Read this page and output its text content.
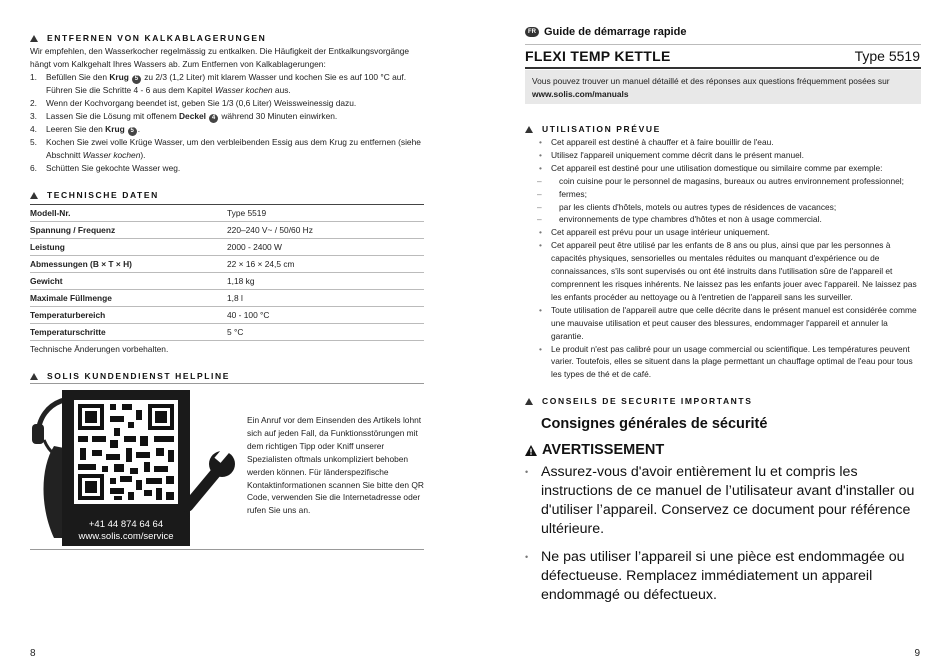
ENTFERNEN VON KALKABLAGERUNGEN
Wir empfehlen, den Wasserkocher regelmässig zu entkalken. Die Häufigkeit der Entkalkungsvorgänge hängt vom Kalkgehalt Ihres Wassers ab. Zum Entfernen von Kalkablagerungen:
1.	Befüllen Sie den Krug 5 zu 2/3 (1,2 Liter) mit klarem Wasser und kochen Sie es auf 100 °C auf. Führen Sie die Schritte 4 - 6 aus dem Kapitel Wasser kochen aus.
2.	Wenn der Kochvorgang beendet ist, geben Sie 1/3 (0,6 Liter) Weissweinessig dazu.
3.	Lassen Sie die Lösung mit offenem Deckel 4 während 30 Minuten einwirken.
4.	Leeren Sie den Krug 5 .
5.	Kochen Sie zwei volle Krüge Wasser, um den verbleibenden Essig aus dem Krug zu entfernen (siehe Abschnitt Wasser kochen).
6.	Schütten Sie gekochte Wasser weg.
TECHNISCHE DATEN
Modell-Nr.	Type 5519
Spannung / Frequenz	220–240 V~ / 50/60 Hz
Leistung	2000 - 2400 W
Abmessungen (B × T × H)	22 × 16 × 24,5 cm
Gewicht	1,18 kg
Maximale Füllmenge	1,8 l
Temperaturbereich	40 - 100 °C
Temperaturschritte	5 °C
Technische Änderungen vorbehalten.
SOLIS KUNDENDIENST HELPLINE
+41 44 874 64 64
www.solis.com/service
Ein Anruf vor dem Einsenden des Artikels lohnt sich auf jeden Fall, da Funktionsstörungen mit dem richtigen Tipp oder Kniff unserer Spezialisten oftmals unkompliziert behoben werden können. Für länderspezifische Kontaktinformationen scannen Sie bitte den QR Code, verwenden Sie die Internetadresse oder rufen Sie uns an.
8
FR Guide de démarrage rapide
FLEXI TEMP KETTLE	Type 5519
Vous pouvez trouver un manuel détaillé et des réponses aux questions fréquemment posées sur
www.solis.com/manuals
UTILISATION PRÉVUE
•	Cet appareil est destiné à chauffer et à faire bouillir de l'eau.
•	Utilisez l'appareil uniquement comme décrit dans le présent manuel.
•	Cet appareil est destiné pour une utilisation domestique ou similaire comme par exemple:
–	coin cuisine pour le personnel de magasins, bureaux ou autres environnement professionnel;
–	fermes;
–	par les clients d'hôtels, motels ou autres types de résidences de vacances;
–	environnements de type chambres d'hôtes et non à usage commercial.
•	Cet appareil est prévu pour un usage intérieur uniquement.
•	Cet appareil peut être utilisé par les enfants de 8 ans ou plus, ainsi que par les personnes à capacités physiques, sensorielles ou mentales réduites ou manquant d'expérience ou de connaissances, s'ils sont supervisés ou ont été instruits dans l'utilisation sûre de l'appareil et comprennent les risques inhérents. Ne laissez pas les enfants jouer avec l'appareil. Ne laissez pas les enfants procéder au nettoyage ou à l'entretien de l'appareil sans les surveiller.
•	Toute utilisation de l'appareil autre que celle décrite dans le présent manuel est considérée comme une mauvaise utilisation et peut causer des blessures, endommager l'appareil et annuler la garantie.
•	Le produit n'est pas calibré pour un usage commercial ou scientifique. Les températures peuvent varier. Toutefois, elles se situent dans la plage permettant un chauffage optimal de l'eau pour tous les types de thé et de café.
CONSEILS DE SECURITE IMPORTANTS
Consignes générales de sécurité
AVERTISSEMENT
• Assurez-vous d'avoir entièrement lu et compris les instructions de ce manuel de l’utilisateur avant d'installer ou d'utiliser l’appareil. Conservez ce document pour référence ultérieure.
• Ne pas utiliser l’appareil si une pièce est endommagée ou défectueuse. Remplacez immédiatement un appareil endommagé ou défectueux.
9
